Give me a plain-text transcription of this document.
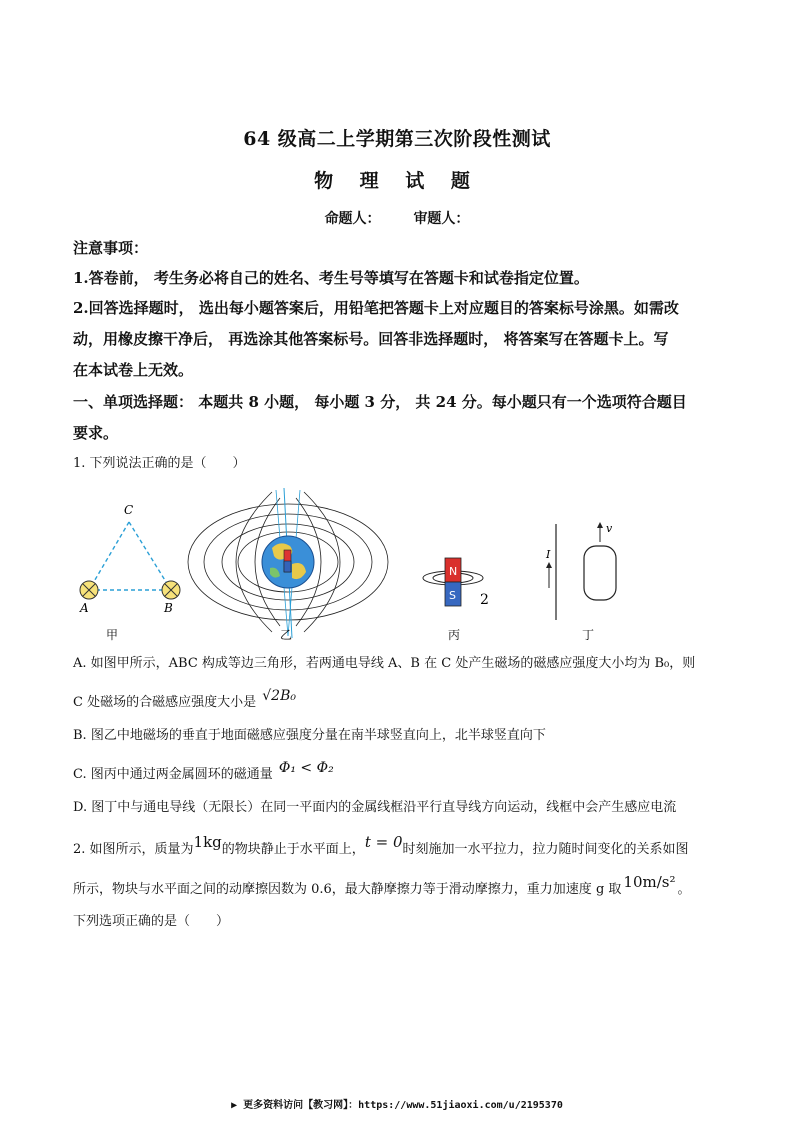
64 级高二上学期第三次阶段性测试
物 理 试 题
命题人： 审题人：
注意事项：
1.答卷前， 考生务必将自己的姓名、考生号等填写在答题卡和试卷指定位置。
2.回答选择题时， 选出每小题答案后，用铅笔把答题卡上对应题目的答案标号涂黑。如需改
动，用橡皮擦干净后， 再选涂其他答案标号。回答非选择题时， 将答案写在答题卡上。写
在本试卷上无效。
一、单项选择题： 本题共 8 小题， 每小题 3 分， 共 24 分。每小题只有一个选项符合题目
要求。
1. 下列说法正确的是（　　）
C
A	B
N
S 2
I
v
甲	乙	丙	丁
A. 如图甲所示，ABC 构成等边三角形，若两通电导线 A、B 在 C 处产生磁场的磁感应强度大小均为 B₀，则
C 处磁场的合磁感应强度大小是 √2B₀
B. 图乙中地磁场的垂直于地面磁感应强度分量在南半球竖直向上，北半球竖直向下
C. 图丙中通过两金属圆环的磁通量 Φ₁ < Φ₂
D. 图丁中与通电导线（无限长）在同一平面内的金属线框沿平行直导线方向运动，线框中会产生感应电流
2. 如图所示，质量为1kg的物块静止于水平面上，t = 0时刻施加一水平拉力，拉力随时间变化的关系如图
所示，物块与水平面之间的动摩擦因数为 0.6，最大静摩擦力等于滑动摩擦力，重力加速度 g 取 10m/s² 。
下列选项正确的是（　　）
▶ 更多资料访问【教习网】：https://www.51jiaoxi.com/u/2195370
